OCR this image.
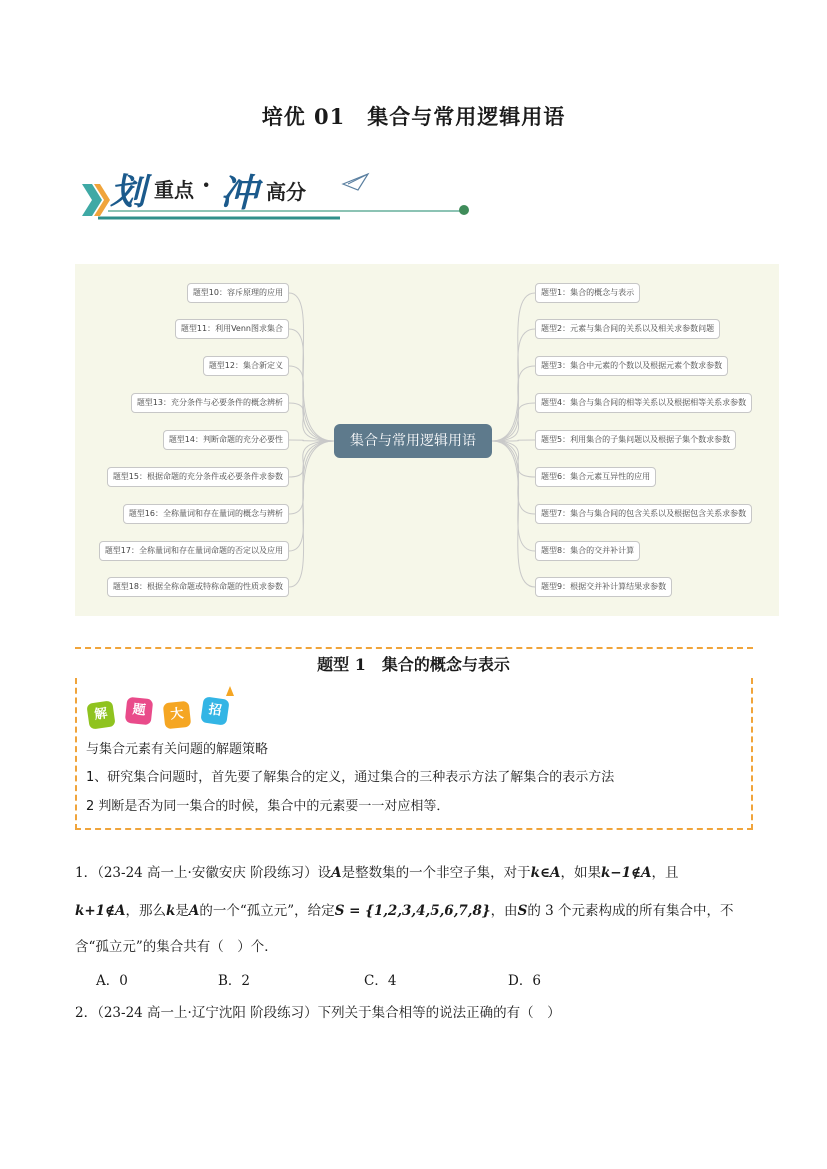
培优 01　集合与常用逻辑用语
划 重点 · 冲 高分
集合与常用逻辑用语
题型10：容斥原理的应用
题型11：利用Venn图求集合
题型12：集合新定义
题型13：充分条件与必要条件的概念辨析
题型14：判断命题的充分必要性
题型15：根据命题的充分条件或必要条件求参数
题型16：全称量词和存在量词的概念与辨析
题型17：全称量词和存在量词命题的否定以及应用
题型18：根据全称命题或特称命题的性质求参数
题型1：集合的概念与表示
题型2：元素与集合间的关系以及相关求参数问题
题型3：集合中元素的个数以及根据元素个数求参数
题型4：集合与集合间的相等关系以及根据相等关系求参数
题型5：利用集合的子集问题以及根据子集个数求参数
题型6：集合元素互异性的应用
题型7：集合与集合间的包含关系以及根据包含关系求参数
题型8：集合的交并补计算
题型9：根据交并补计算结果求参数
题型 1　集合的概念与表示
解	题	大	招
与集合元素有关问题的解题策略
1、研究集合问题时，首先要了解集合的定义，通过集合的三种表示方法了解集合的表示方法
2 判断是否为同一集合的时候，集合中的元素要一一对应相等．
1．（23-24 高一上·安徽安庆 阶段练习）设A是整数集的一个非空子集，对于k∈A，如果k−1∉A，且
k+1∉A，那么k是A的一个“孤立元”，给定S = {1,2,3,4,5,6,7,8}，由S的 3 个元素构成的所有集合中，不
含“孤立元”的集合共有（　）个．
A．0	B．2	C．4	D．6
2．（23-24 高一上·辽宁沈阳 阶段练习）下列关于集合相等的说法正确的有（　）
